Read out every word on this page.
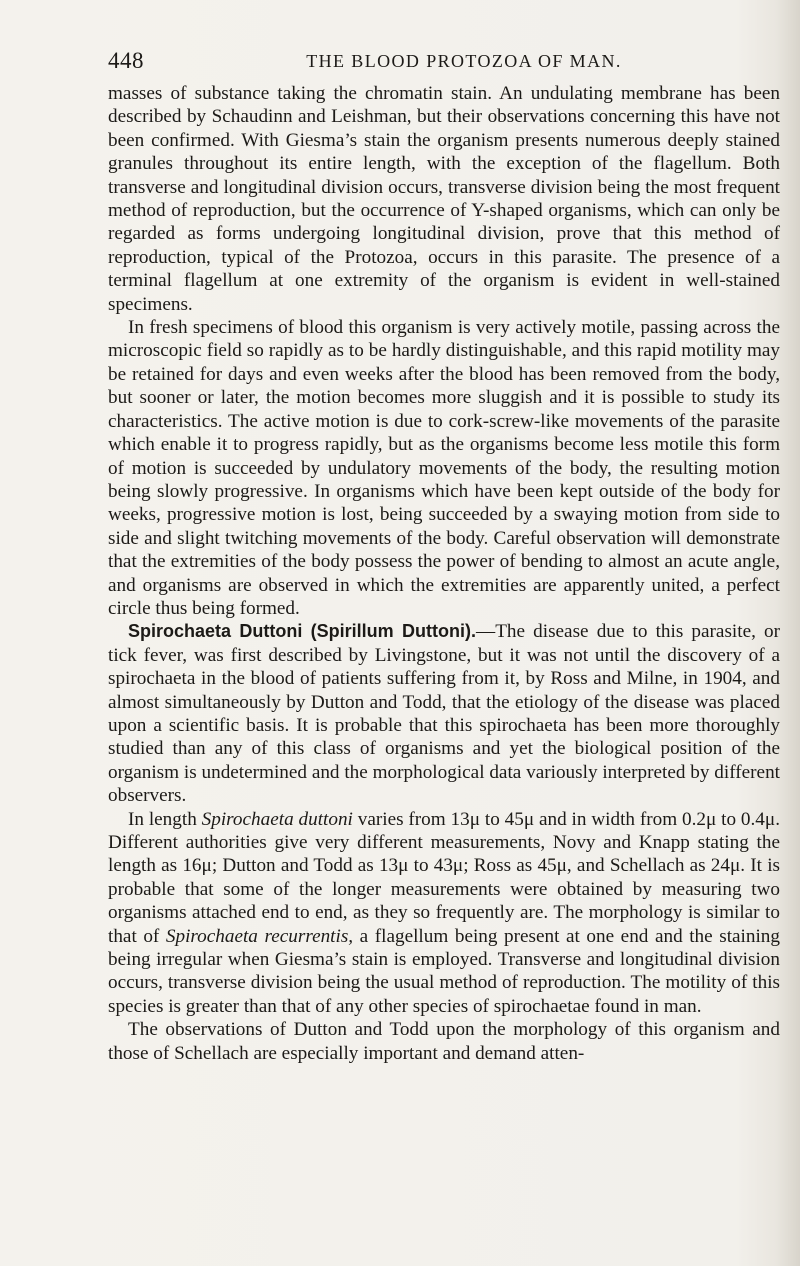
448	THE BLOOD PROTOZOA OF MAN.

masses of substance taking the chromatin stain. An undulating membrane has been described by Schaudinn and Leishman, but their observations concerning this have not been confirmed. With Giesma’s stain the organism presents numerous deeply stained granules throughout its entire length, with the exception of the flagellum. Both transverse and longitudinal division occurs, transverse division being the most frequent method of reproduction, but the occurrence of Y-shaped organisms, which can only be regarded as forms undergoing longitudinal division, prove that this method of reproduction, typical of the Protozoa, occurs in this parasite. The presence of a terminal flagellum at one extremity of the organism is evident in well-stained specimens.

In fresh specimens of blood this organism is very actively motile, passing across the microscopic field so rapidly as to be hardly distinguishable, and this rapid motility may be retained for days and even weeks after the blood has been removed from the body, but sooner or later, the motion becomes more sluggish and it is possible to study its characteristics. The active motion is due to cork-screw-like movements of the parasite which enable it to progress rapidly, but as the organisms become less motile this form of motion is succeeded by undulatory movements of the body, the resulting motion being slowly progressive. In organisms which have been kept outside of the body for weeks, progressive motion is lost, being succeeded by a swaying motion from side to side and slight twitching movements of the body. Careful observation will demonstrate that the extremities of the body possess the power of bending to almost an acute angle, and organisms are observed in which the extremities are apparently united, a perfect circle thus being formed.

Spirochaeta Duttoni (Spirillum Duttoni).—The disease due to this parasite, or tick fever, was first described by Livingstone, but it was not until the discovery of a spirochaeta in the blood of patients suffering from it, by Ross and Milne, in 1904, and almost simultaneously by Dutton and Todd, that the etiology of the disease was placed upon a scientific basis. It is probable that this spirochaeta has been more thoroughly studied than any of this class of organisms and yet the biological position of the organism is undetermined and the morphological data variously interpreted by different observers.

In length Spirochaeta duttoni varies from 13μ to 45μ and in width from 0.2μ to 0.4μ. Different authorities give very different measurements, Novy and Knapp stating the length as 16μ; Dutton and Todd as 13μ to 43μ; Ross as 45μ, and Schellach as 24μ. It is probable that some of the longer measurements were obtained by measuring two organisms attached end to end, as they so frequently are. The morphology is similar to that of Spirochaeta recurrentis, a flagellum being present at one end and the staining being irregular when Giesma’s stain is employed. Transverse and longitudinal division occurs, transverse division being the usual method of reproduction. The motility of this species is greater than that of any other species of spirochaetae found in man.

The observations of Dutton and Todd upon the morphology of this organism and those of Schellach are especially important and demand atten-
